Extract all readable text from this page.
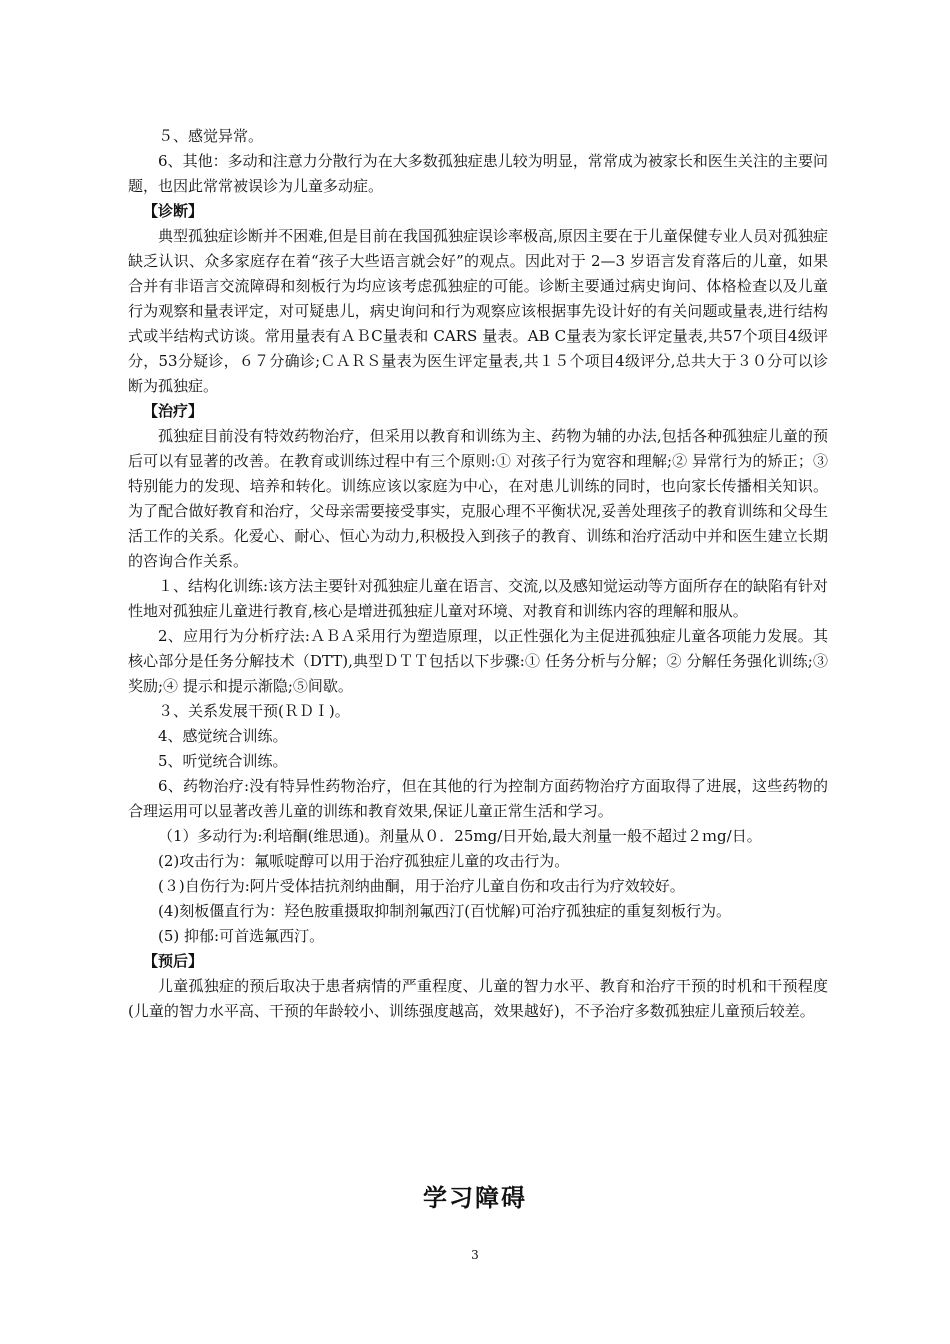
５、感觉异常。

6、其他：多动和注意力分散行为在大多数孤独症患儿较为明显，常常成为被家长和医生关注的主要问题，也因此常常被误诊为儿童多动症。

【诊断】

典型孤独症诊断并不困难,但是目前在我国孤独症误诊率极高,原因主要在于儿童保健专业人员对孤独症缺乏认识、众多家庭存在着“孩子大些语言就会好”的观点。因此对于 2—3 岁语言发育落后的儿童，如果合并有非语言交流障碍和刻板行为均应该考虑孤独症的可能。诊断主要通过病史询问、体格检查以及儿童行为观察和量表评定，对可疑患儿，病史询问和行为观察应该根据事先设计好的有关问题或量表,进行结构式或半结构式访谈。常用量表有ＡＢC量表和 CARS 量表。AB C量表为家长评定量表,共57个项目4级评分，53分疑诊，６７分确诊;ＣＡＲＳ量表为医生评定量表,共１５个项目4级评分,总共大于３０分可以诊断为孤独症。

【治疗】

孤独症目前没有特效药物治疗，但采用以教育和训练为主、药物为辅的办法,包括各种孤独症儿童的预后可以有显著的改善。在教育或训练过程中有三个原则:① 对孩子行为宽容和理解;② 异常行为的矫正；③特别能力的发现、培养和转化。训练应该以家庭为中心，在对患儿训练的同时，也向家长传播相关知识。为了配合做好教育和治疗，父母亲需要接受事实，克服心理不平衡状况,妥善处理孩子的教育训练和父母生活工作的关系。化爱心、耐心、恒心为动力,积极投入到孩子的教育、训练和治疗活动中并和医生建立长期的咨询合作关系。

１、结构化训练:该方法主要针对孤独症儿童在语言、交流,以及感知觉运动等方面所存在的缺陷有针对性地对孤独症儿童进行教育,核心是增进孤独症儿童对环境、对教育和训练内容的理解和服从。

2、应用行为分析疗法:ＡＢＡ采用行为塑造原理，以正性强化为主促进孤独症儿童各项能力发展。其核心部分是任务分解技术（DTT),典型ＤＴＴ包括以下步骤:① 任务分析与分解；② 分解任务强化训练;③ 奖励;④ 提示和提示渐隐;⑤间歇。

３、关系发展干预(ＲＤＩ)。

4、感觉统合训练。

5、听觉统合训练。

6、药物治疗:没有特异性药物治疗，但在其他的行为控制方面药物治疗方面取得了进展，这些药物的合理运用可以显著改善儿童的训练和教育效果,保证儿童正常生活和学习。

（1）多动行为:利培酮(维思通)。剂量从０．25mg/日开始,最大剂量一般不超过２ｍg/日。

(2)攻击行为：氟哌啶醇可以用于治疗孤独症儿童的攻击行为。

(３)自伤行为:阿片受体拮抗剂纳曲酮，用于治疗儿童自伤和攻击行为疗效较好。

(4)刻板僵直行为：羟色胺重摄取抑制剂氟西汀(百忧解)可治疗孤独症的重复刻板行为。

(5) 抑郁:可首选氟西汀。

【预后】

儿童孤独症的预后取决于患者病情的严重程度、儿童的智力水平、教育和治疗干预的时机和干预程度(儿童的智力水平高、干预的年龄较小、训练强度越高，效果越好)，不予治疗多数孤独症儿童预后较差。

学习障碍
3
